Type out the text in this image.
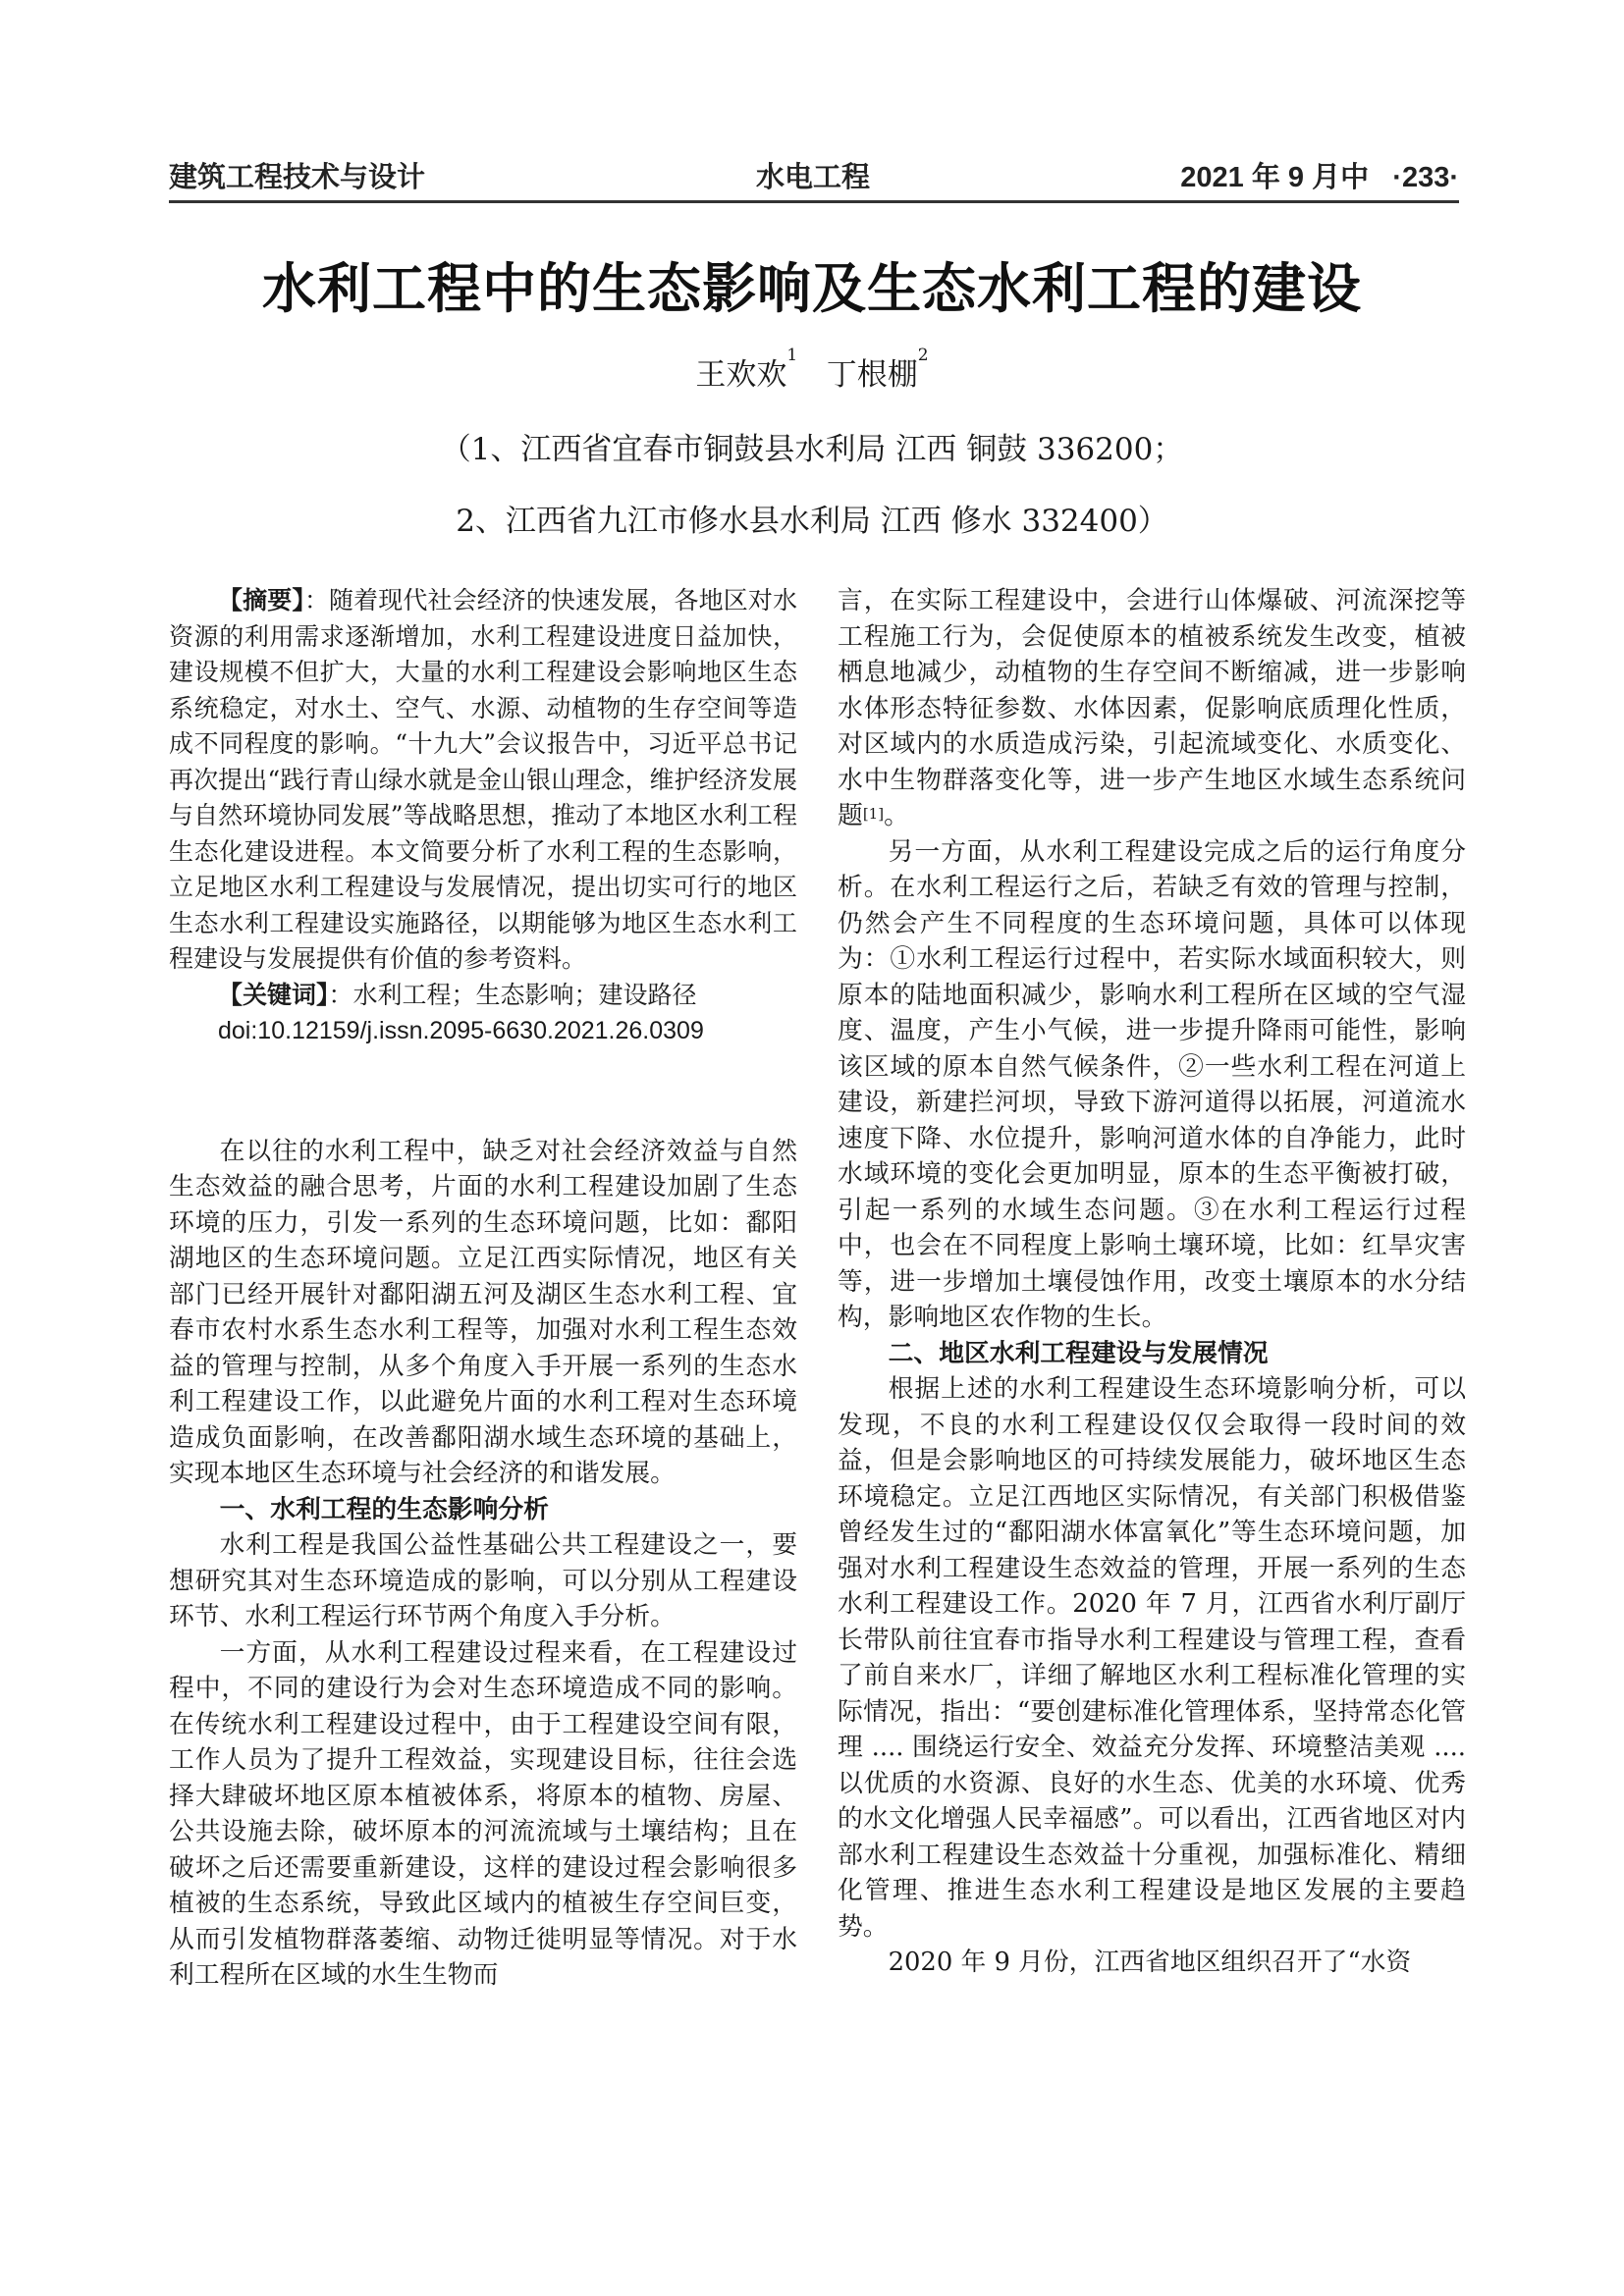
建筑工程技术与设计	水电工程	2021 年 9 月中 ·233·
水利工程中的生态影响及生态水利工程的建设
王欢欢$^1$   丁根棚$^2$
（1、江西省宜春市铜鼓县水利局 江西 铜鼓 336200；
2、江西省九江市修水县水利局 江西 修水 332400）

【摘要】：随着现代社会经济的快速发展，各地区对水资源的利用需求逐渐增加，水利工程建设进度日益加快，建设规模不但扩大，大量的水利工程建设会影响地区生态系统稳定，对水土、空气、水源、动植物的生存空间等造成不同程度的影响。“十九大”会议报告中，习近平总书记再次提出“践行青山绿水就是金山银山理念，维护经济发展与自然环境协同发展”等战略思想，推动了本地区水利工程生态化建设进程。本文简要分析了水利工程的生态影响，立足地区水利工程建设与发展情况，提出切实可行的地区生态水利工程建设实施路径，以期能够为地区生态水利工程建设与发展提供有价值的参考资料。

【关键词】：水利工程；生态影响；建设路径

doi:10.12159/j.issn.2095-6630.2021.26.0309

在以往的水利工程中，缺乏对社会经济效益与自然生态效益的融合思考，片面的水利工程建设加剧了生态环境的压力，引发一系列的生态环境问题，比如：鄱阳湖地区的生态环境问题。立足江西实际情况，地区有关部门已经开展针对鄱阳湖五河及湖区生态水利工程、宜春市农村水系生态水利工程等，加强对水利工程生态效益的管理与控制，从多个角度入手开展一系列的生态水利工程建设工作，以此避免片面的水利工程对生态环境造成负面影响，在改善鄱阳湖水域生态环境的基础上，实现本地区生态环境与社会经济的和谐发展。

一、水利工程的生态影响分析

水利工程是我国公益性基础公共工程建设之一，要想研究其对生态环境造成的影响，可以分别从工程建设环节、水利工程运行环节两个角度入手分析。

一方面，从水利工程建设过程来看，在工程建设过程中，不同的建设行为会对生态环境造成不同的影响。在传统水利工程建设过程中，由于工程建设空间有限，工作人员为了提升工程效益，实现建设目标，往往会选择大肆破坏地区原本植被体系，将原本的植物、房屋、公共设施去除，破坏原本的河流流域与土壤结构；且在破坏之后还需要重新建设，这样的建设过程会影响很多植被的生态系统，导致此区域内的植被生存空间巨变，从而引发植物群落萎缩、动物迁徙明显等情况。对于水利工程所在区域的水生生物而

言，在实际工程建设中，会进行山体爆破、河流深挖等工程施工行为，会促使原本的植被系统发生改变，植被栖息地减少，动植物的生存空间不断缩减，进一步影响水体形态特征参数、水体因素，促影响底质理化性质，对区域内的水质造成污染，引起流域变化、水质变化、水中生物群落变化等，进一步产生地区水域生态系统问题[1]。

另一方面，从水利工程建设完成之后的运行角度分析。在水利工程运行之后，若缺乏有效的管理与控制，仍然会产生不同程度的生态环境问题，具体可以体现为：①水利工程运行过程中，若实际水域面积较大，则原本的陆地面积减少，影响水利工程所在区域的空气湿度、温度，产生小气候，进一步提升降雨可能性，影响该区域的原本自然气候条件，②一些水利工程在河道上建设，新建拦河坝，导致下游河道得以拓展，河道流水速度下降、水位提升，影响河道水体的自净能力，此时水域环境的变化会更加明显，原本的生态平衡被打破，引起一系列的水域生态问题。③在水利工程运行过程中，也会在不同程度上影响土壤环境，比如：红旱灾害等，进一步增加土壤侵蚀作用，改变土壤原本的水分结构，影响地区农作物的生长。

二、地区水利工程建设与发展情况

根据上述的水利工程建设生态环境影响分析，可以发现，不良的水利工程建设仅仅会取得一段时间的效益，但是会影响地区的可持续发展能力，破坏地区生态环境稳定。立足江西地区实际情况，有关部门积极借鉴曾经发生过的“鄱阳湖水体富氧化”等生态环境问题，加强对水利工程建设生态效益的管理，开展一系列的生态水利工程建设工作。2020 年 7 月，江西省水利厅副厅长带队前往宜春市指导水利工程建设与管理工程，查看了前自来水厂，详细了解地区水利工程标准化管理的实际情况，指出：“要创建标准化管理体系，坚持常态化管理 .... 围绕运行安全、效益充分发挥、环境整洁美观 .... 以优质的水资源、良好的水生态、优美的水环境、优秀的水文化增强人民幸福感”。可以看出，江西省地区对内部水利工程建设生态效益十分重视，加强标准化、精细化管理、推进生态水利工程建设是地区发展的主要趋势。

2020 年 9 月份，江西省地区组织召开了“水资
